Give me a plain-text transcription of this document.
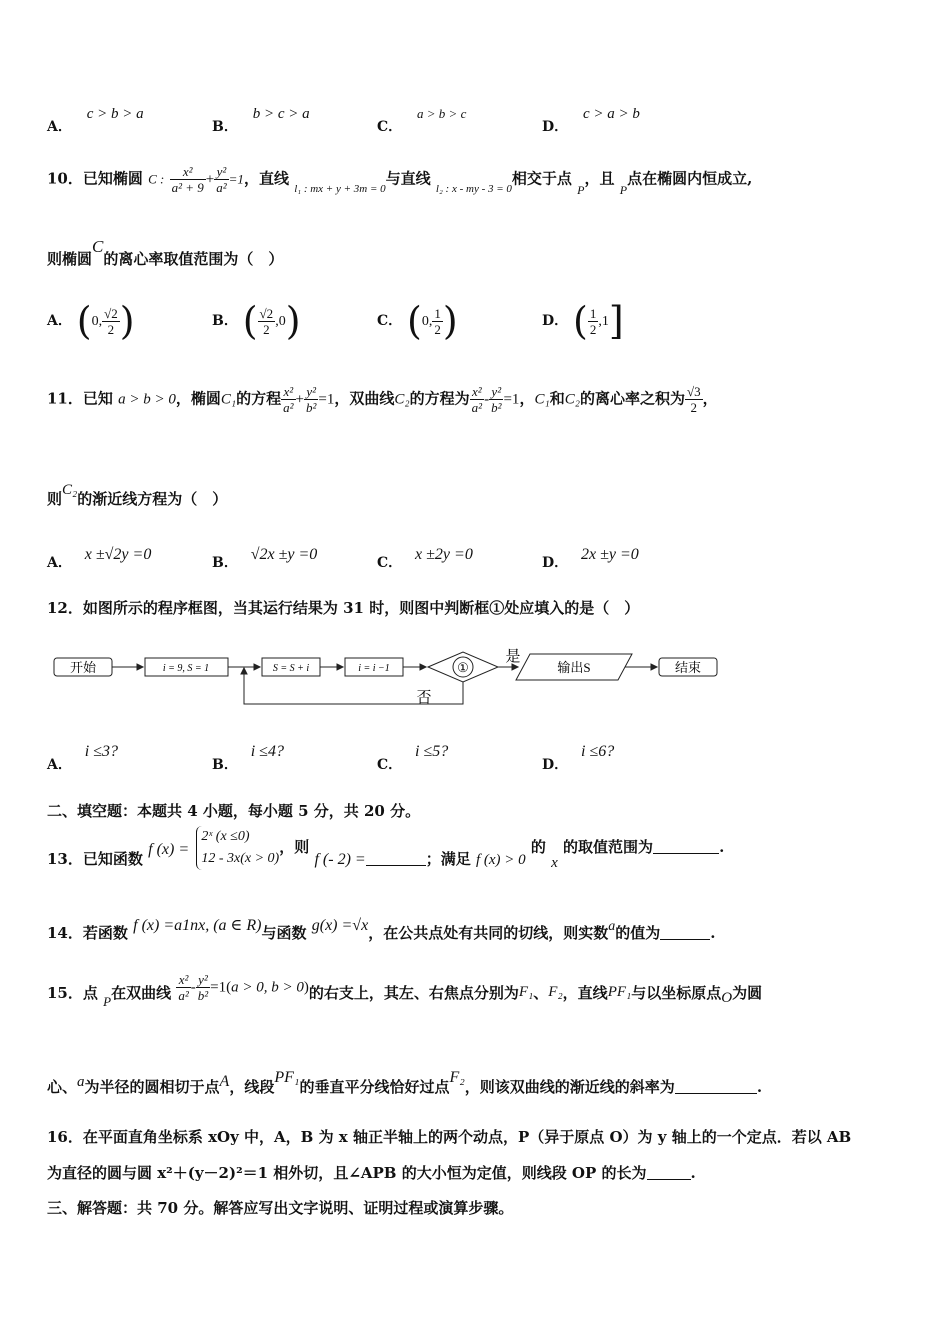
A． c > b > a
B． b > c > a
C． a > b > c
D． c > a > b
10．已知椭圆 C : $\frac{\text{x²}}{\text{a² + 9}} + \frac{\text{y²}}{\text{a²}} =1$，直线 $_{l_1 : mx + y + 3m = 0}$与直线 $_{l_2 : x - my - 3 = 0}$相交于点 $_P$，且 $_P$点在椭圆内恒成立,
则椭圆C的离心率取值范围为（　）
A． (0, $\frac{√2}{2}$ )	B． ( $\frac{√2}{2} ,0$)	C． (0, $\frac{1}{2}$ )	D． ( $\frac{1}{2} ,1$]
11．已知 a > b > 0，椭圆C₁的方程 $\frac{\text{x²}}{\text{a²}} + \frac{\text{y²}}{\text{b²}} =1$，双曲线C₂的方程为 $\frac{\text{x²}}{\text{a²}} - \frac{\text{y²}}{\text{b²}} =1$，C₁和C₂的离心率之积为 $\frac{√3}{2}$ ，
则C₂的渐近线方程为（　）
A． x ±√2y =0	B． √2x ±y =0	C． x ±2y =0	D． 2x ±y =0
12．如图所示的程序框图，当其运行结果为 31 时，则图中判断框①处应填入的是（　）
开始	i = 9, S = 1	S = S + i	i = i −1	①
是
输出S	结束
否
A． i ≤3?
B． i ≤4?
C． i ≤5?
D． i ≤6?
二、填空题：本题共 4 小题，每小题 5 分，共 20 分。
13．已知函数 f (x) =
2ˣ (x ≤0)
12 - 3x(x > 0)
，则 f (- 2) =	；满足 f (x) > 0 的 x 的取值范围为	.
14．若函数 f (x) =a1nx, (a ∈ R)与函数 g(x) =√x，在公共点处有共同的切线，则实数a的值为	.
15．点 P在双曲线 $\frac{\text{x²}}{\text{a²}} - \frac{\text{y²}}{\text{b²}} =1(a > 0$, b > 0)的右支上，其左、右焦点分别为F₁、F₂，直线PF₁与以坐标原点O为圆
心、a为半径的圆相切于点A，线段PF₁的垂直平分线恰好过点F₂，则该双曲线的渐近线的斜率为	.
16．在平面直角坐标系 xOy 中，A，B 为 x 轴正半轴上的两个动点，P（异于原点 O）为 y 轴上的一个定点．若以 AB
为直径的圆与圆 x²＋(y－2)²＝1 相外切，且∠APB 的大小恒为定值，则线段 OP 的长为	.
三、解答题：共 70 分。解答应写出文字说明、证明过程或演算步骤。
